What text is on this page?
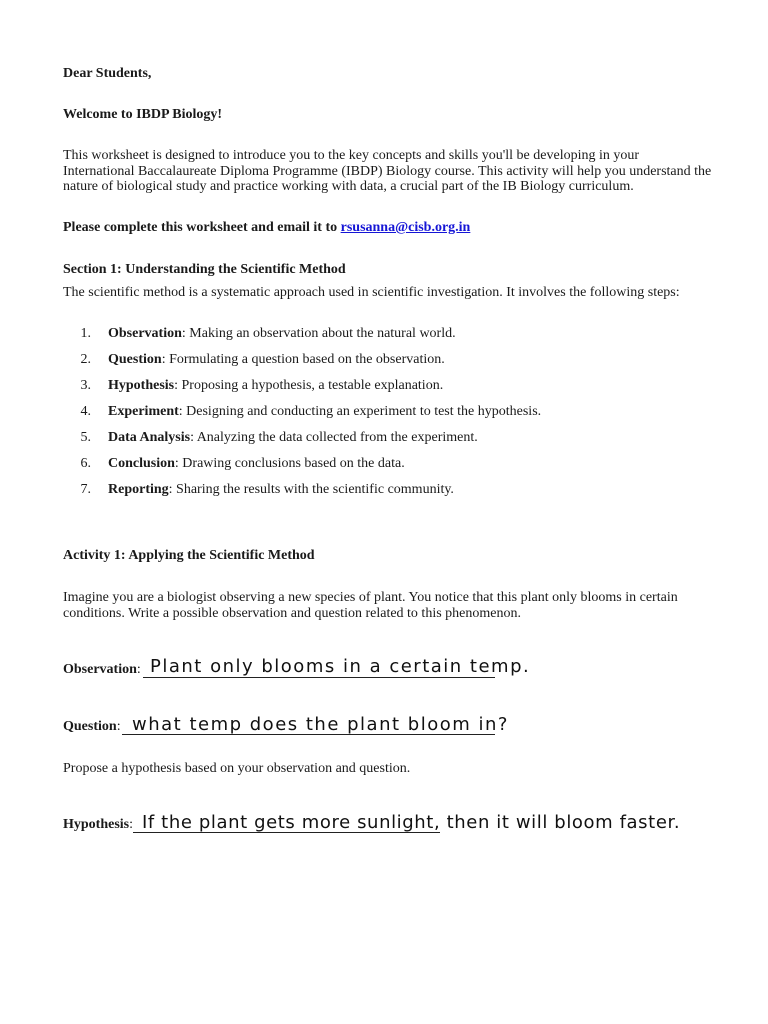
Dear Students,
Welcome to IBDP Biology!
This worksheet is designed to introduce you to the key concepts and skills you'll be developing in your
International Baccalaureate Diploma Programme (IBDP) Biology course. This activity will help you understand the
nature of biological study and practice working with data, a crucial part of the IB Biology curriculum.
Please complete this worksheet and email it to rsusanna@cisb.org.in
Section 1: Understanding the Scientific Method
The scientific method is a systematic approach used in scientific investigation. It involves the following steps:
1. Observation: Making an observation about the natural world.
2. Question: Formulating a question based on the observation.
3. Hypothesis: Proposing a hypothesis, a testable explanation.
4. Experiment: Designing and conducting an experiment to test the hypothesis.
5. Data Analysis: Analyzing the data collected from the experiment.
6. Conclusion: Drawing conclusions based on the data.
7. Reporting: Sharing the results with the scientific community.
Activity 1: Applying the Scientific Method
Imagine you are a biologist observing a new species of plant. You notice that this plant only blooms in certain
conditions. Write a possible observation and question related to this phenomenon.
Observation: Plant only blooms in a certain temp.
Question: what temp does the plant bloom in?
Propose a hypothesis based on your observation and question.
Hypothesis: If the plant gets more sunlight, then it will bloom faster.
